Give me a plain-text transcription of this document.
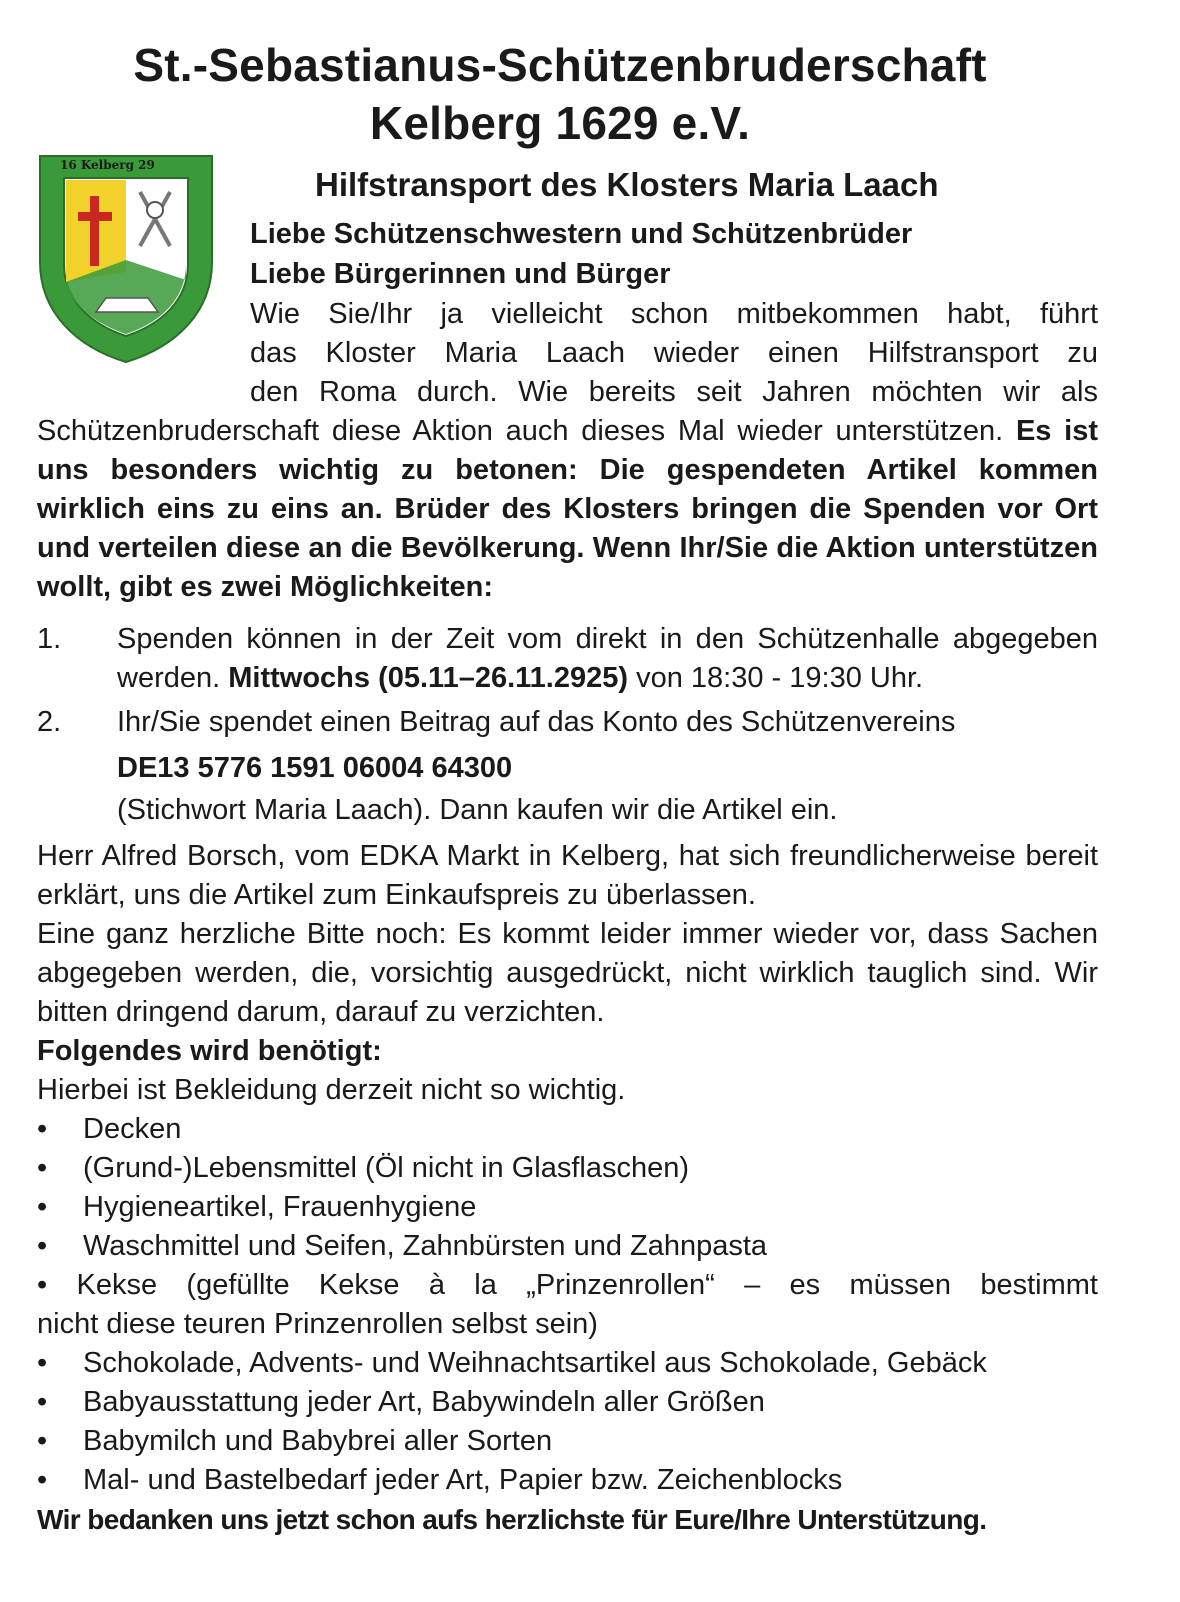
St.-Sebastianus-Schützenbruderschaft
Kelberg 1629 e.V.
16 Kelberg 29
Hilfstransport des Klosters Maria Laach
Liebe Schützenschwestern und Schützenbrüder
Liebe Bürgerinnen und Bürger
Wie Sie/Ihr ja vielleicht schon mitbekommen habt, führt
das Kloster Maria Laach wieder einen Hilfstransport zu
den Roma durch. Wie bereits seit Jahren möchten wir als
Schützenbruderschaft diese Aktion auch dieses Mal wieder unterstützen. Es ist uns besonders wichtig zu betonen: Die gespendeten Artikel kommen wirklich eins zu eins an. Brüder des Klosters bringen die Spenden vor Ort und verteilen diese an die Bevölkerung. Wenn Ihr/Sie die Aktion unterstützen wollt, gibt es zwei Möglichkeiten:
1. Spenden können in der Zeit vom direkt in den Schützenhalle abgegeben werden. Mittwochs (05.11–26.11.2925) von 18:30 - 19:30 Uhr.
2. Ihr/Sie spendet einen Beitrag auf das Konto des Schützenvereins
DE13 5776 1591 06004 64300
(Stichwort Maria Laach). Dann kaufen wir die Artikel ein.
Herr Alfred Borsch, vom EDKA Markt in Kelberg, hat sich freundlicherweise bereit erklärt, uns die Artikel zum Einkaufspreis zu überlassen.
Eine ganz herzliche Bitte noch: Es kommt leider immer wieder vor, dass Sachen abgegeben werden, die, vorsichtig ausgedrückt, nicht wirklich tauglich sind. Wir bitten dringend darum, darauf zu verzichten.
Folgendes wird benötigt:
Hierbei ist Bekleidung derzeit nicht so wichtig.
• Decken
• (Grund-)Lebensmittel (Öl nicht in Glasflaschen)
• Hygieneartikel, Frauenhygiene
• Waschmittel und Seifen, Zahnbürsten und Zahnpasta
• Kekse (gefüllte Kekse à la „Prinzenrollen“ – es müssen bestimmt
nicht diese teuren Prinzenrollen selbst sein)
• Schokolade, Advents- und Weihnachtsartikel aus Schokolade, Gebäck
• Babyausstattung jeder Art, Babywindeln aller Größen
• Babymilch und Babybrei aller Sorten
• Mal- und Bastelbedarf jeder Art, Papier bzw. Zeichenblocks
Wir bedanken uns jetzt schon aufs herzlichste für Eure/Ihre Unterstützung.
